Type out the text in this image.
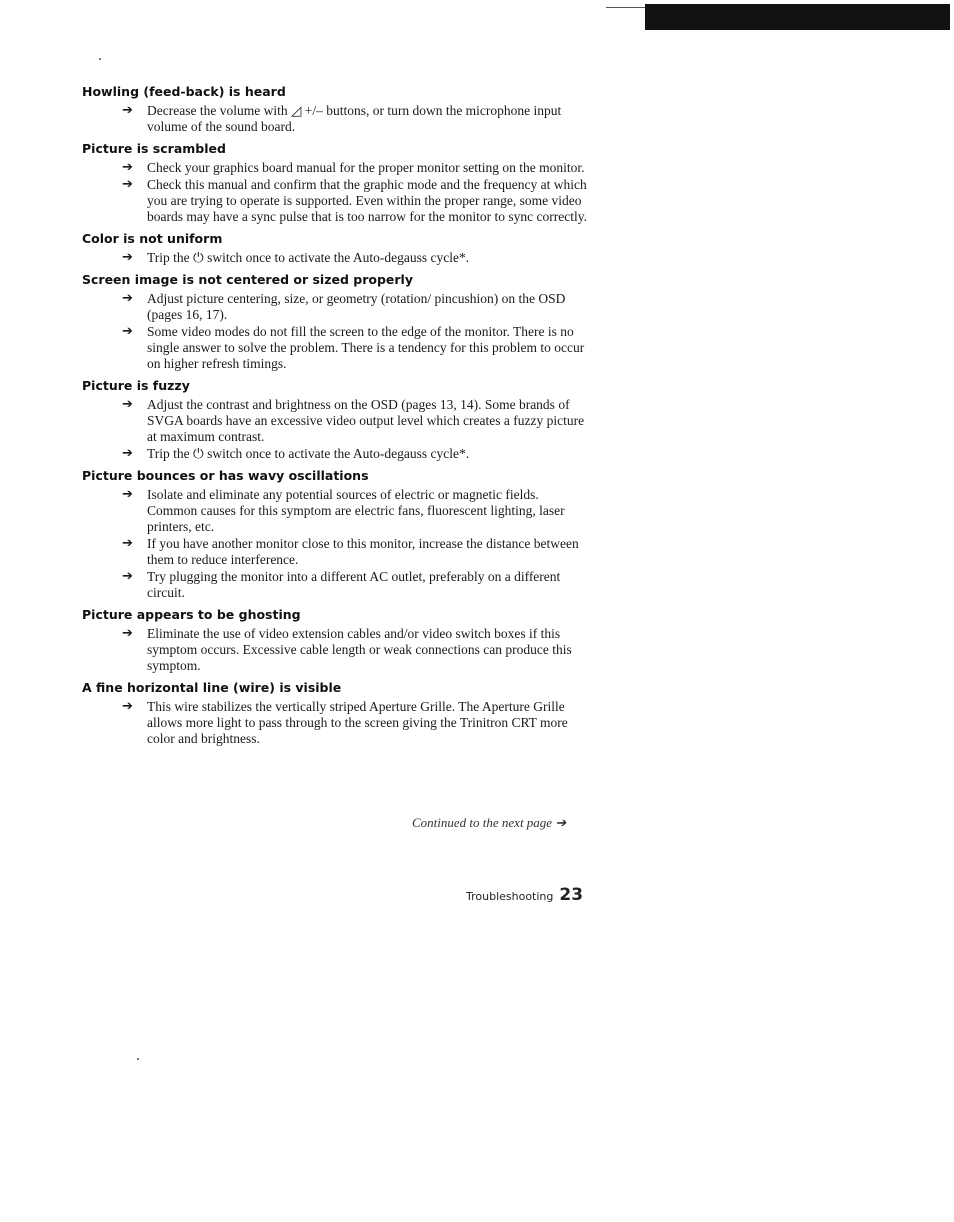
Howling (feed-back) is heard
➔ Decrease the volume with ◿ +/– buttons, or turn down the microphone input volume of the sound board.
Picture is scrambled
➔ Check your graphics board manual for the proper monitor setting on the monitor.
➔ Check this manual and confirm that the graphic mode and the frequency at which you are trying to operate is supported. Even within the proper range, some video boards may have a sync pulse that is too narrow for the monitor to sync correctly.
Color is not uniform
➔ Trip the ⏻ switch once to activate the Auto-degauss cycle*.
Screen image is not centered or sized properly
➔ Adjust picture centering, size, or geometry (rotation/ pincushion) on the OSD (pages 16, 17).
➔ Some video modes do not fill the screen to the edge of the monitor. There is no single answer to solve the problem. There is a tendency for this problem to occur on higher refresh timings.
Picture is fuzzy
➔ Adjust the contrast and brightness on the OSD (pages 13, 14). Some brands of SVGA boards have an excessive video output level which creates a fuzzy picture at maximum contrast.
➔ Trip the ⏻ switch once to activate the Auto-degauss cycle*.
Picture bounces or has wavy oscillations
➔ Isolate and eliminate any potential sources of electric or magnetic fields. Common causes for this symptom are electric fans, fluorescent lighting, laser printers, etc.
➔ If you have another monitor close to this monitor, increase the distance between them to reduce interference.
➔ Try plugging the monitor into a different AC outlet, preferably on a different circuit.
Picture appears to be ghosting
➔ Eliminate the use of video extension cables and/or video switch boxes if this symptom occurs. Excessive cable length or weak connections can produce this symptom.
A fine horizontal line (wire) is visible
➔ This wire stabilizes the vertically striped Aperture Grille. The Aperture Grille allows more light to pass through to the screen giving the Trinitron CRT more color and brightness.
Continued to the next page ➔
Troubleshooting 23
